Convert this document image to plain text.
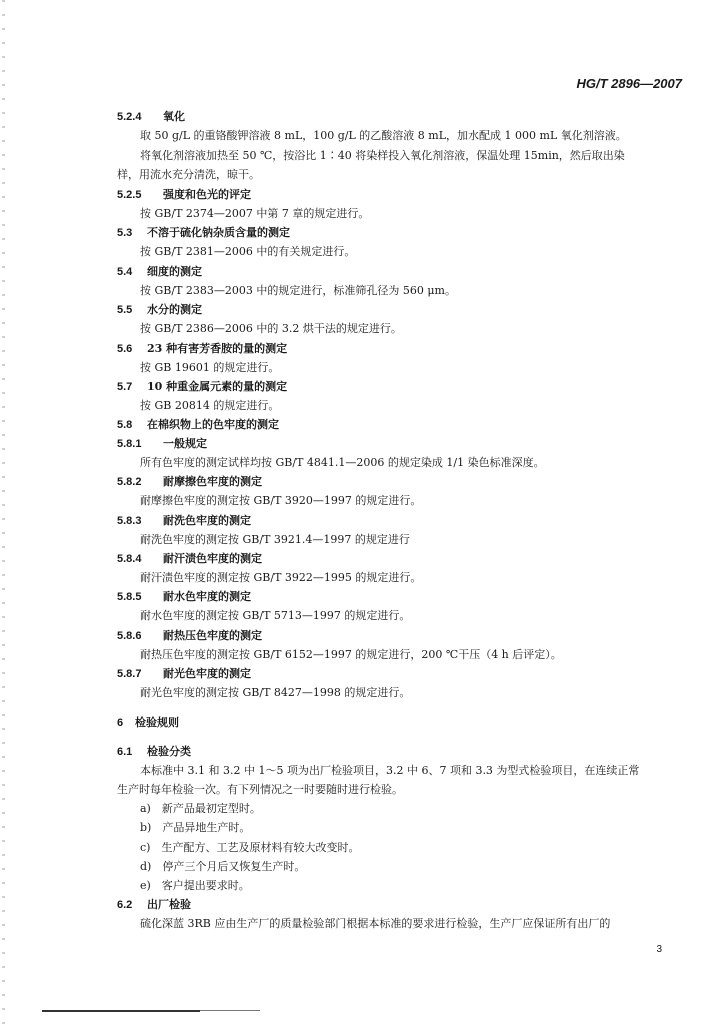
HG/T 2896—2007
5.2.4 氧化
取 50 g/L 的重铬酸钾溶液 8 mL，100 g/L 的乙酸溶液 8 mL，加水配成 1 000 mL 氧化剂溶液。
将氧化剂溶液加热至 50 ℃，按浴比 1∶40 将染样投入氧化剂溶液，保温处理 15min，然后取出染
样，用流水充分清洗，晾干。
5.2.5 强度和色光的评定
按 GB/T 2374—2007 中第 7 章的规定进行。
5.3 不溶于硫化钠杂质含量的测定
按 GB/T 2381—2006 中的有关规定进行。
5.4 细度的测定
按 GB/T 2383—2003 中的规定进行，标准筛孔径为 560 μm。
5.5 水分的测定
按 GB/T 2386—2006 中的 3.2 烘干法的规定进行。
5.6 23 种有害芳香胺的量的测定
按 GB 19601 的规定进行。
5.7 10 种重金属元素的量的测定
按 GB 20814 的规定进行。
5.8 在棉织物上的色牢度的测定
5.8.1 一般规定
所有色牢度的测定试样均按 GB/T 4841.1—2006 的规定染成 1/1 染色标准深度。
5.8.2 耐摩擦色牢度的测定
耐摩擦色牢度的测定按 GB/T 3920—1997 的规定进行。
5.8.3 耐洗色牢度的测定
耐洗色牢度的测定按 GB/T 3921.4—1997 的规定进行
5.8.4 耐汗渍色牢度的测定
耐汗渍色牢度的测定按 GB/T 3922—1995 的规定进行。
5.8.5 耐水色牢度的测定
耐水色牢度的测定按 GB/T 5713—1997 的规定进行。
5.8.6 耐热压色牢度的测定
耐热压色牢度的测定按 GB/T 6152—1997 的规定进行，200 ℃干压（4 h 后评定）。
5.8.7 耐光色牢度的测定
耐光色牢度的测定按 GB/T 8427—1998 的规定进行。
6 检验规则
6.1 检验分类
本标准中 3.1 和 3.2 中 1～5 项为出厂检验项目，3.2 中 6、7 项和 3.3 为型式检验项目，在连续正常
生产时每年检验一次。有下列情况之一时要随时进行检验。
a)　新产品最初定型时。
b)　产品异地生产时。
c)　生产配方、工艺及原材料有较大改变时。
d)　停产三个月后又恢复生产时。
e)　客户提出要求时。
6.2 出厂检验
硫化深蓝 3RB 应由生产厂的质量检验部门根据本标准的要求进行检验，生产厂应保证所有出厂的
3
